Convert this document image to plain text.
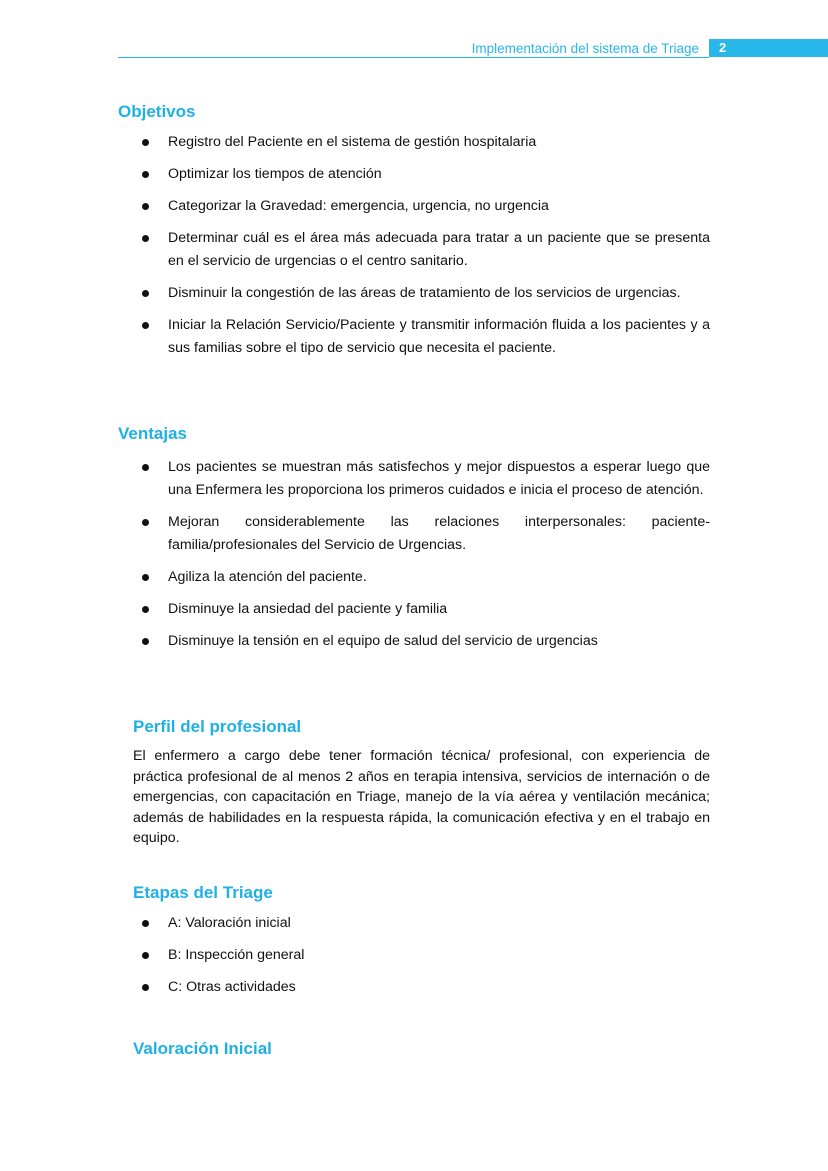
Implementación del sistema de Triage	2
Objetivos
Registro del Paciente en el sistema de gestión hospitalaria
Optimizar los tiempos de atención
Categorizar la Gravedad: emergencia, urgencia, no urgencia
Determinar cuál es el área más adecuada para tratar a un paciente que se presenta en el servicio de urgencias o el centro sanitario.
Disminuir la congestión de las áreas de tratamiento de los servicios de urgencias.
Iniciar la Relación Servicio/Paciente y transmitir información fluida a los pacientes y a sus familias sobre el tipo de servicio que necesita el paciente.
Ventajas
Los pacientes se muestran más satisfechos y mejor dispuestos a esperar luego que una Enfermera les proporciona los primeros cuidados e inicia el proceso de atención.
Mejoran considerablemente las relaciones interpersonales: paciente-familia/profesionales del Servicio de Urgencias.
Agiliza la atención del paciente.
Disminuye la ansiedad del paciente y familia
Disminuye la tensión en el equipo de salud del servicio de urgencias
Perfil del profesional

El enfermero a cargo debe tener formación técnica/ profesional, con experiencia de práctica profesional de al menos 2 años en terapia intensiva, servicios de internación o de emergencias, con capacitación en Triage, manejo de la vía aérea y ventilación mecánica; además de habilidades en la respuesta rápida, la comunicación efectiva y en el trabajo en equipo.

Etapas del Triage
A: Valoración inicial
B: Inspección general
C: Otras actividades
Valoración Inicial
